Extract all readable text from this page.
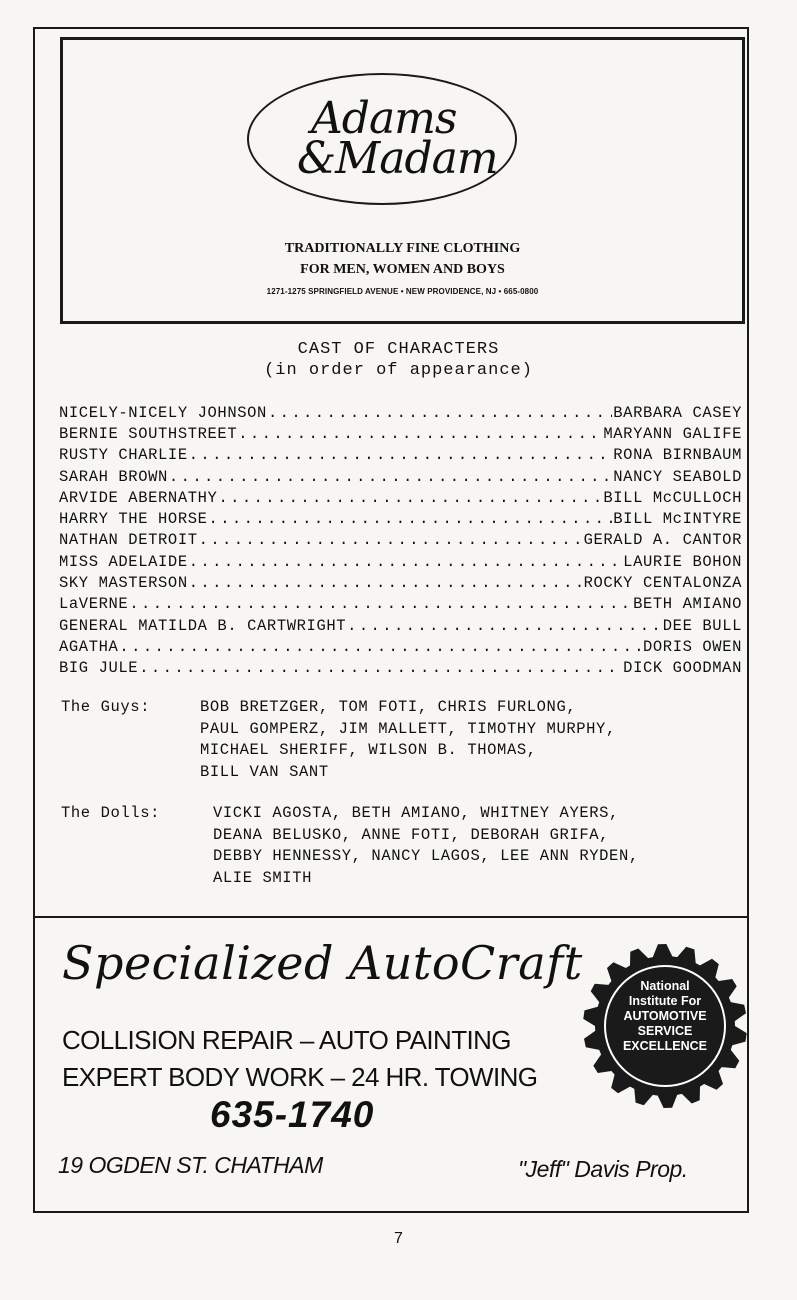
Adams
&Madam
TRADITIONALLY FINE CLOTHING
FOR MEN, WOMEN AND BOYS
1271-1275 SPRINGFIELD AVENUE • NEW PROVIDENCE, NJ • 665-0800
CAST OF CHARACTERS
(in order of appearance)
NICELY-NICELY JOHNSON .....	BARBARA CASEY
BERNIE SOUTHSTREET .....	MARYANN GALIFE
RUSTY CHARLIE .....	RONA BIRNBAUM
SARAH BROWN .....	NANCY SEABOLD
ARVIDE ABERNATHY .....	BILL McCULLOCH
HARRY THE HORSE .....	BILL McINTYRE
NATHAN DETROIT .....	GERALD A. CANTOR
MISS ADELAIDE .....	LAURIE BOHON
SKY MASTERSON .....	ROCKY CENTALONZA
LaVERNE .....	BETH AMIANO
GENERAL MATILDA B. CARTWRIGHT .....	DEE BULL
AGATHA .....	DORIS OWEN
BIG JULE .....	DICK GOODMAN
The Guys:	BOB BRETZGER, TOM FOTI, CHRIS FURLONG,
PAUL GOMPERZ, JIM MALLETT, TIMOTHY MURPHY,
MICHAEL SHERIFF, WILSON B. THOMAS,
BILL VAN SANT
The Dolls:	VICKI AGOSTA, BETH AMIANO, WHITNEY AYERS,
DEANA BELUSKO, ANNE FOTI, DEBORAH GRIFA,
DEBBY HENNESSY, NANCY LAGOS, LEE ANN RYDEN,
ALIE SMITH
Specialized AutoCraft
COLLISION REPAIR – AUTO PAINTING
EXPERT BODY WORK – 24 HR. TOWING
635-1740
19 OGDEN ST. CHATHAM	"Jeff" Davis Prop.
National
Institute For
AUTOMOTIVE
SERVICE
EXCELLENCE
7
